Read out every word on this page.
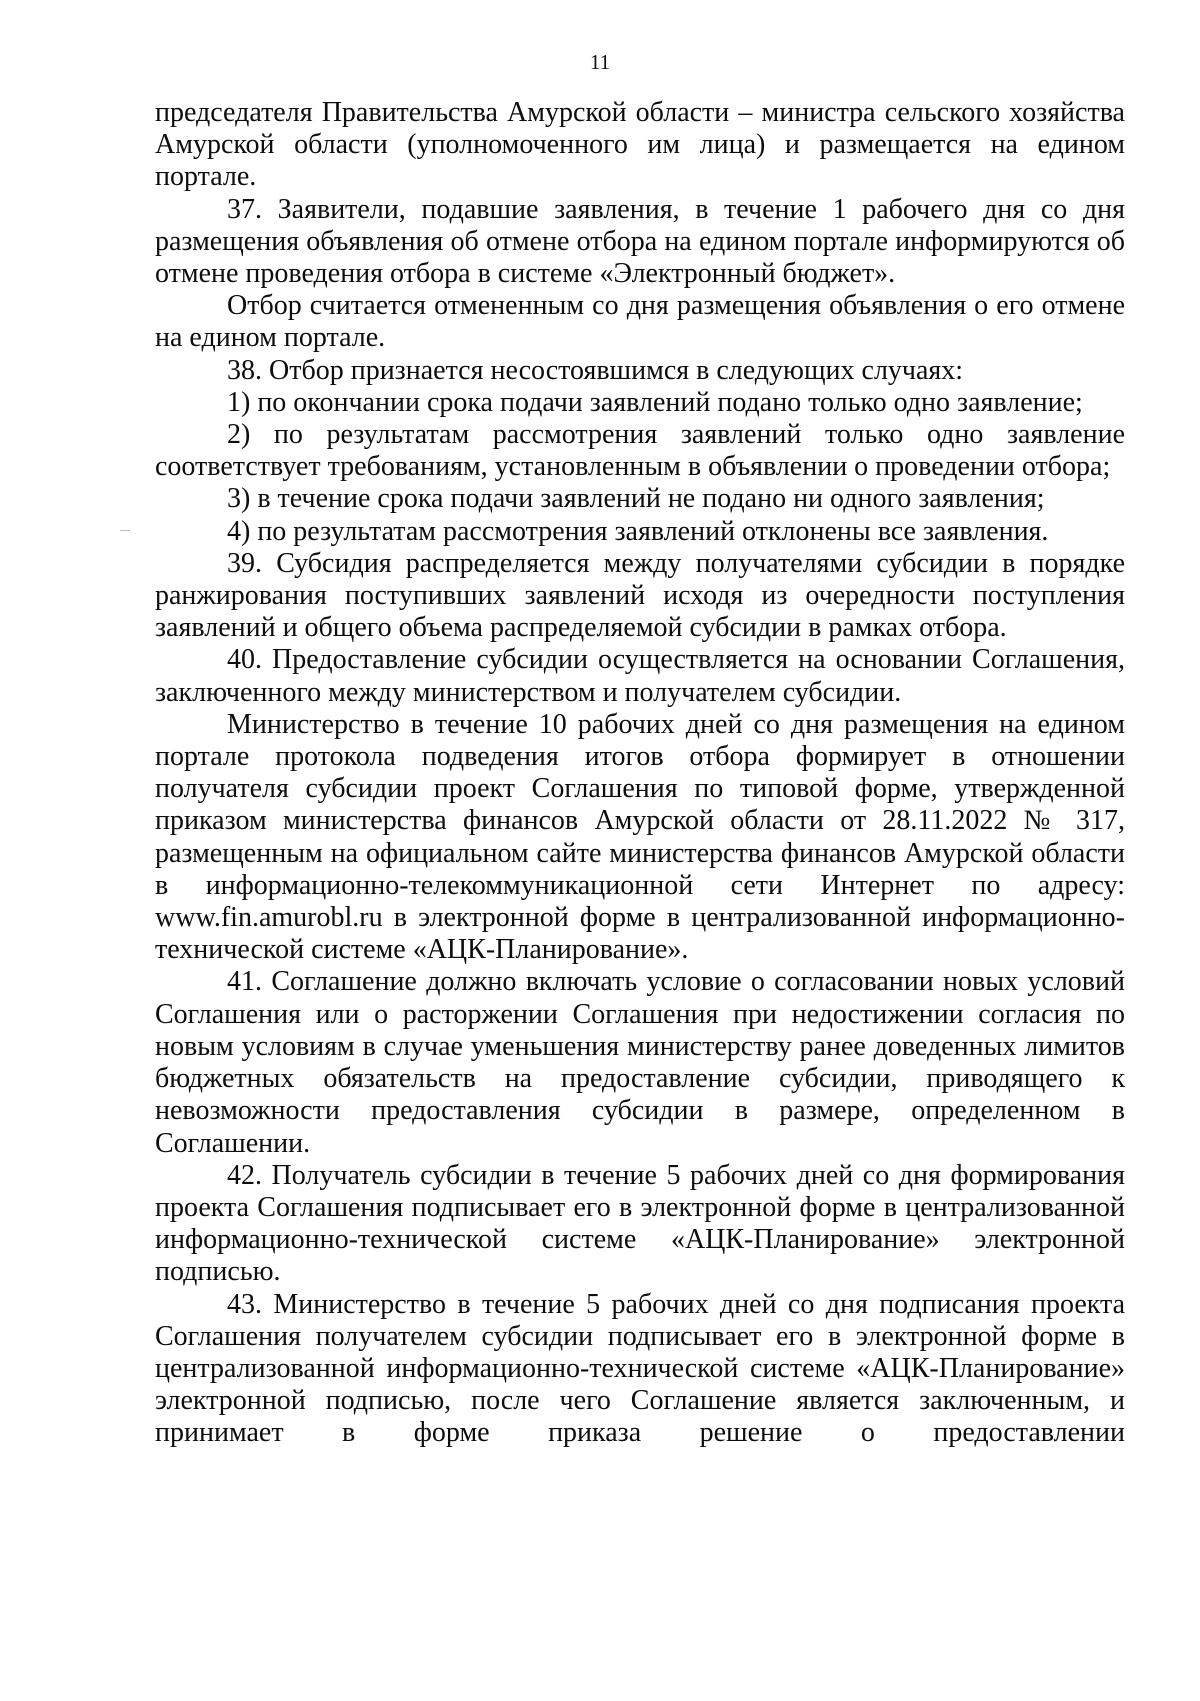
11

председателя Правительства Амурской области – министра сельского хозяйства Амурской области (уполномоченного им лица) и размещается на едином портале.

37. Заявители, подавшие заявления, в течение 1 рабочего дня со дня размещения объявления об отмене отбора на едином портале информируются об отмене проведения отбора в системе «Электронный бюджет».

Отбор считается отмененным со дня размещения объявления о его отмене на едином портале.

38. Отбор признается несостоявшимся в следующих случаях:

1) по окончании срока подачи заявлений подано только одно заявление;

2) по результатам рассмотрения заявлений только одно заявление соответствует требованиям, установленным в объявлении о проведении отбора;

3) в течение срока подачи заявлений не подано ни одного заявления;

4) по результатам рассмотрения заявлений отклонены все заявления.

39. Субсидия распределяется между получателями субсидии в порядке ранжирования поступивших заявлений исходя из очередности поступления заявлений и общего объема распределяемой субсидии в рамках отбора.

40. Предоставление субсидии осуществляется на основании Соглашения, заключенного между министерством и получателем субсидии.

Министерство в течение 10 рабочих дней со дня размещения на едином портале протокола подведения итогов отбора формирует в отношении получателя субсидии проект Соглашения по типовой форме, утвержденной приказом министерства финансов Амурской области от 28.11.2022 № 317, размещенным на официальном сайте министерства финансов Амурской области в информационно-телекоммуникационной сети Интернет по адресу: www.fin.amurobl.ru в электронной форме в централизованной информационно-технической системе «АЦК-Планирование».

41. Соглашение должно включать условие о согласовании новых условий Соглашения или о расторжении Соглашения при недостижении согласия по новым условиям в случае уменьшения министерству ранее доведенных лимитов бюджетных обязательств на предоставление субсидии, приводящего к невозможности предоставления субсидии в размере, определенном в Соглашении.

42. Получатель субсидии в течение 5 рабочих дней со дня формирования проекта Соглашения подписывает его в электронной форме в централизованной информационно-технической системе «АЦК-Планирование» электронной подписью.

43. Министерство в течение 5 рабочих дней со дня подписания проекта Соглашения получателем субсидии подписывает его в электронной форме в централизованной информационно-технической системе «АЦК-Планирование» электронной подписью, после чего Соглашение является заключенным, и принимает в форме приказа решение о предоставлении
